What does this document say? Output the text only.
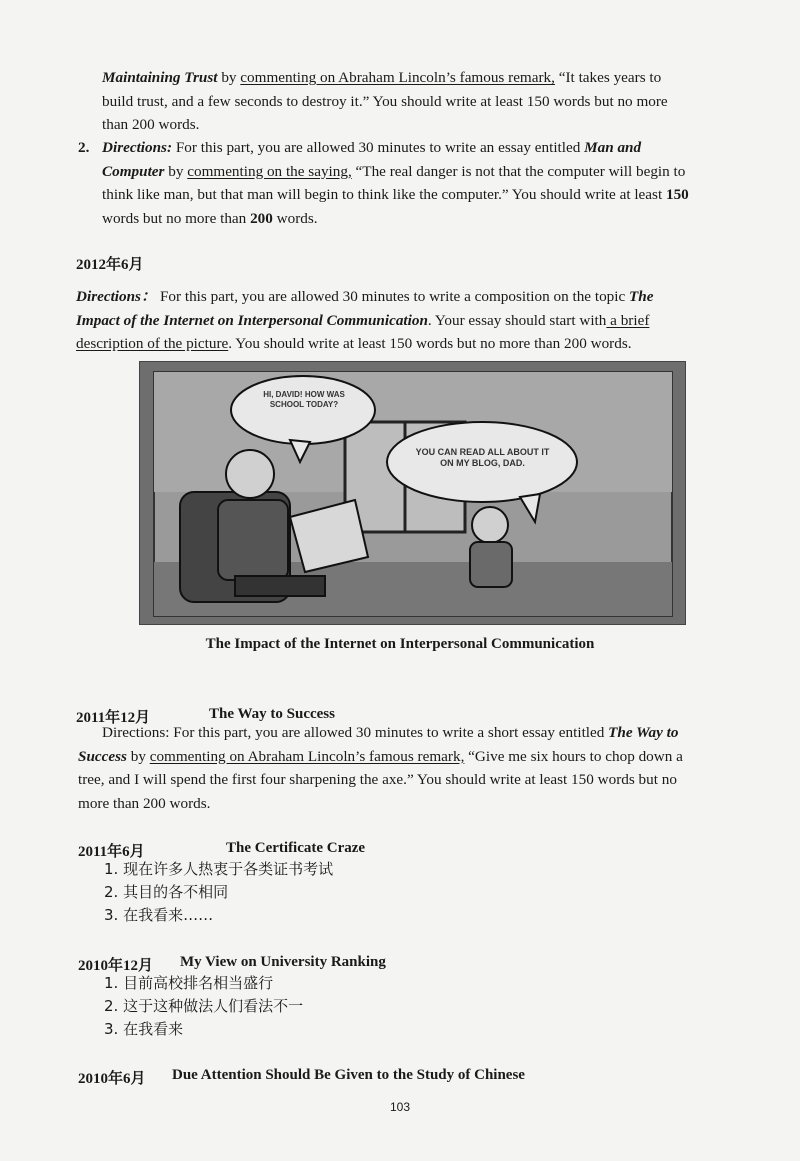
Maintaining Trust by commenting on Abraham Lincoln’s famous remark, “It takes years to build trust, and a few seconds to destroy it.” You should write at least 150 words but no more than 200 words.

2. Directions: For this part, you are allowed 30 minutes to write an essay entitled Man and Computer by commenting on the saying, “The real danger is not that the computer will begin to think like man, but that man will begin to think like the computer.” You should write at least 150 words but no more than 200 words.

2012年6月

Directions： For this part, you are allowed 30 minutes to write a composition on the topic The Impact of the Internet on Interpersonal Communication. Your essay should start with a brief description of the picture. You should write at least 150 words but no more than 200 words.

HI, DAVID! HOW WAS SCHOOL TODAY?
YOU CAN READ ALL ABOUT IT ON MY BLOG, DAD.
The Impact of the Internet on Interpersonal Communication
2011年12月	The Way to Success

Directions: For this part, you are allowed 30 minutes to write a short essay entitled The Way to Success by commenting on Abraham Lincoln’s famous remark, “Give me six hours to chop down a tree, and I will spend the first four sharpening the axe.” You should write at least 150 words but no more than 200 words.

2011年6月	The Certificate Craze
1. 现在许多人热衷于各类证书考试
2. 其目的各不相同
3. 在我看来……
2010年12月 My View on University Ranking
1. 目前高校排名相当盛行
2. 这于这种做法人们看法不一
3. 在我看来
2010年6月 Due Attention Should Be Given to the Study of Chinese
103
